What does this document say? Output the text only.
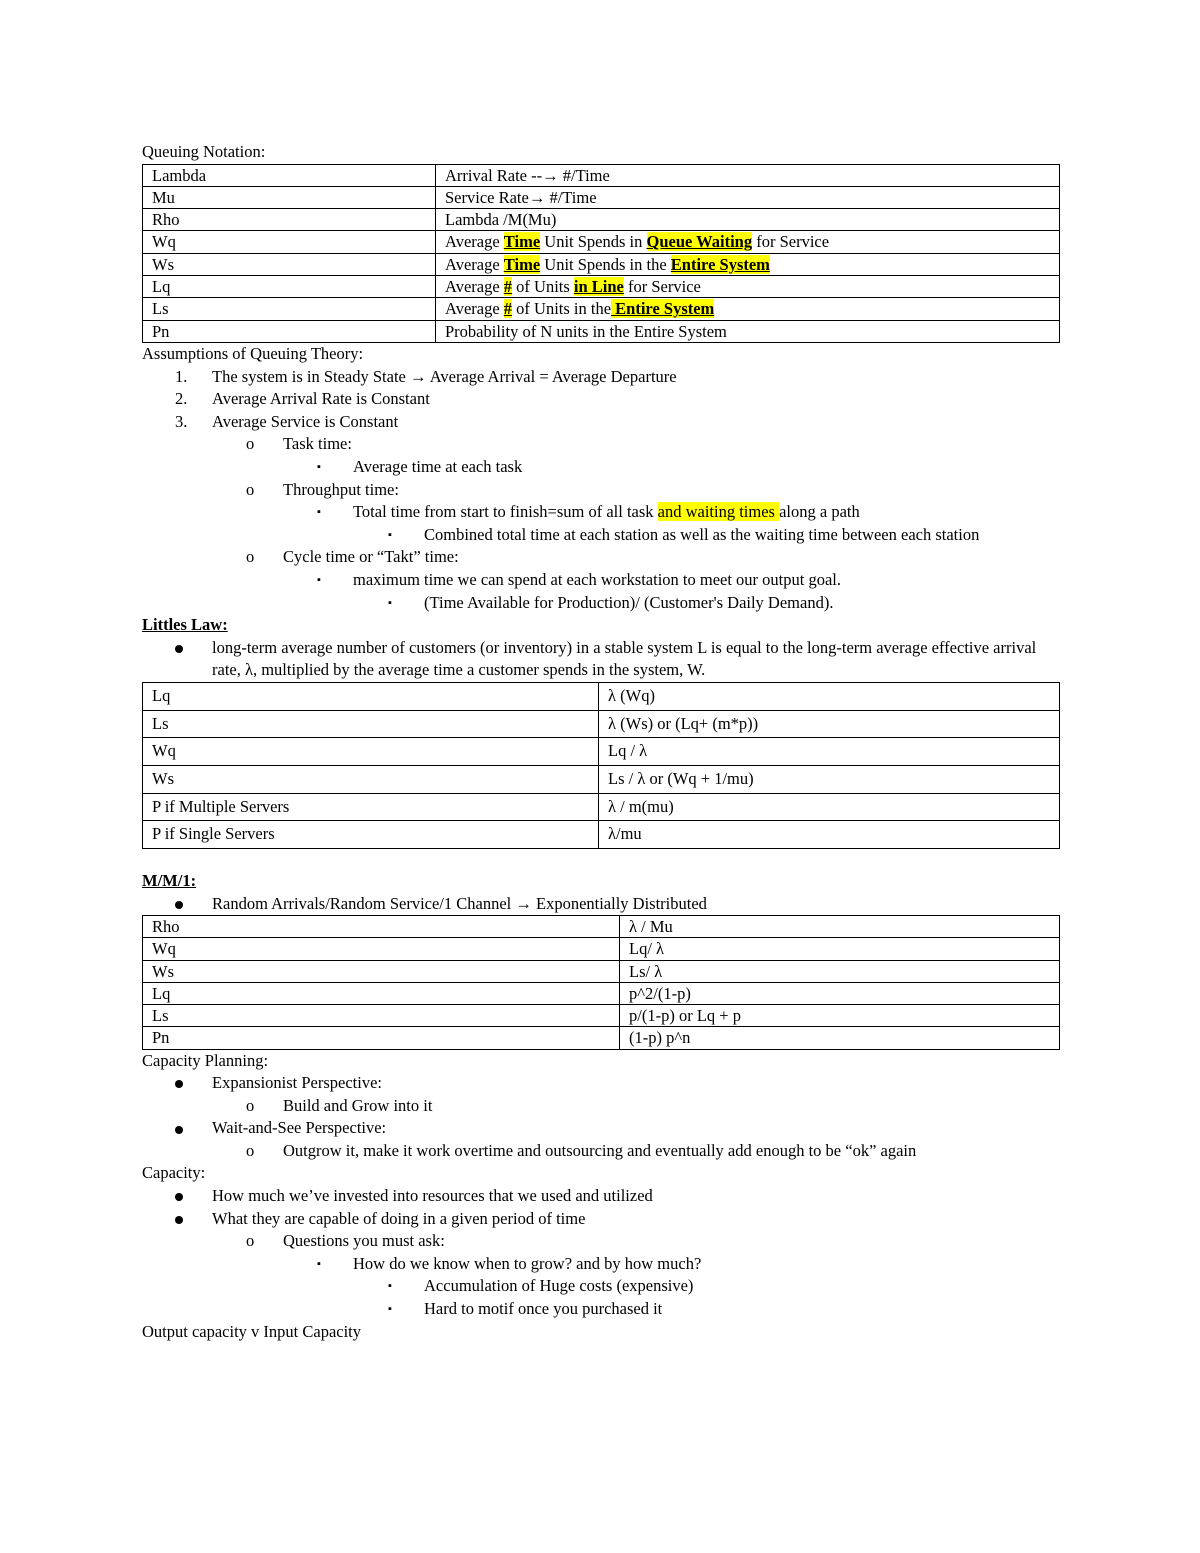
Queuing Notation:

Lambda	Arrival Rate --→ #/Time
Mu	Service Rate→ #/Time
Rho	Lambda /M(Mu)
Wq	Average Time Unit Spends in Queue Waiting for Service
Ws	Average Time Unit Spends in the Entire System
Lq	Average # of Units in Line for Service
Ls	Average # of Units in the Entire System
Pn	Probability of N units in the Entire System

Assumptions of Queuing Theory:

1. The system is in Steady State → Average Arrival = Average Departure
2. Average Arrival Rate is Constant
3. Average Service is Constant
o Task time:
▪ Average time at each task
o Throughput time:
▪ Total time from start to finish=sum of all task and waiting times along a path
▪ Combined total time at each station as well as the waiting time between each station
o Cycle time or “Takt” time:
▪ maximum time we can spend at each workstation to meet our output goal.
▪ (Time Available for Production)/ (Customer's Daily Demand).

Littles Law:

long-term average number of customers (or inventory) in a stable system L is equal to the long-term average effective arrival rate, λ, multiplied by the average time a customer spends in the system, W.
Lq	λ (Wq)
Ls	λ (Ws) or (Lq+ (m*p))
Wq	Lq / λ
Ws	Ls / λ or (Wq + 1/mu)
P if Multiple Servers	λ / m(mu)
P if Single Servers	λ/mu

M/M/1:

Random Arrivals/Random Service/1 Channel → Exponentially Distributed
Rho	λ / Mu
Wq	Lq/ λ
Ws	Ls/ λ
Lq	p^2/(1-p)
Ls	p/(1-p) or Lq + p
Pn	(1-p) p^n

Capacity Planning:

Expansionist Perspective:
o Build and Grow into it
Wait-and-See Perspective:
o Outgrow it, make it work overtime and outsourcing and eventually add enough to be “ok” again

Capacity:

How much we’ve invested into resources that we used and utilized
What they are capable of doing in a given period of time
o Questions you must ask:
▪ How do we know when to grow? and by how much?
▪ Accumulation of Huge costs (expensive)
▪ Hard to motif once you purchased it

Output capacity v Input Capacity
